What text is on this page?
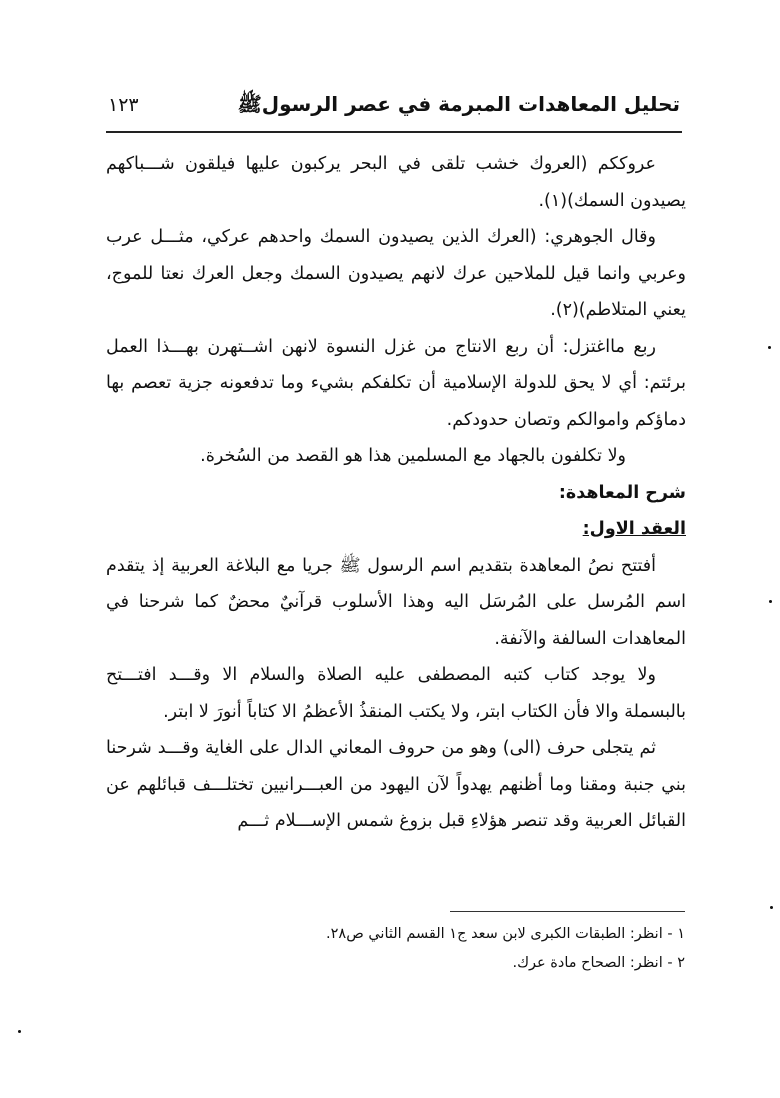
تحليل المعاهدات المبرمة في عصر الرسولﷺ
١٢٣

عروككم (العروك خشب تلقى في البحر يركبون عليها فيلقون شـــباكهم يصيدون السمك)(١).

وقال الجوهري: (العرك الذين يصيدون السمك واحدهم عركي، مثـــل عرب وعربي وانما قيل للملاحين عرك لانهم يصيدون السمك وجعل العرك نعتا للموج، يعني المتلاطم)(٢).

ربع مااغتزل: أن ربع الانتاج من غزل النسوة لانهن اشــتهرن بهـــذا العمل برئتم: أي لا يحق للدولة الإسلامية أن تكلفكم بشيء وما تدفعونه جزية تعصم بها دماؤكم واموالكم وتصان حدودكم.

ولا تكلفون بالجهاد مع المسلمين هذا هو القصد من السُخرة.

شرح المعاهدة:

العقد الاول:

أفتتح نصُ المعاهدة بتقديم اسم الرسول ﷺ جريا مع البلاغة العربية إذ يتقدم اسم المُرسل على المُرسَل اليه وهذا الأسلوب قرآنيٌ محضٌ كما شرحنا في المعاهدات السالفة والآنفة.

ولا يوجد كتاب كتبه المصطفى عليه الصلاة والسلام الا وقـــد افتـــتح بالبسملة والا فأن الكتاب ابتر، ولا يكتب المنقذُ الأعظمُ الا كتاباً أنورَ لا ابتر.

ثم يتجلى حرف (الى) وهو من حروف المعاني الدال على الغاية وقـــد شرحنا بني جنبة ومقنا وما أظنهم يهدواً لآن اليهود من العبـــرانيين تختلـــف قبائلهم عن القبائل العربية وقد تنصر هؤلاءِ قبل بزوغ شمس الإســـلام ثـــم

١ - انظر: الطبقات الكبرى لابن سعد ج١ القسم الثاني ص٢٨.

٢ - انظر: الصحاح مادة عرك.
